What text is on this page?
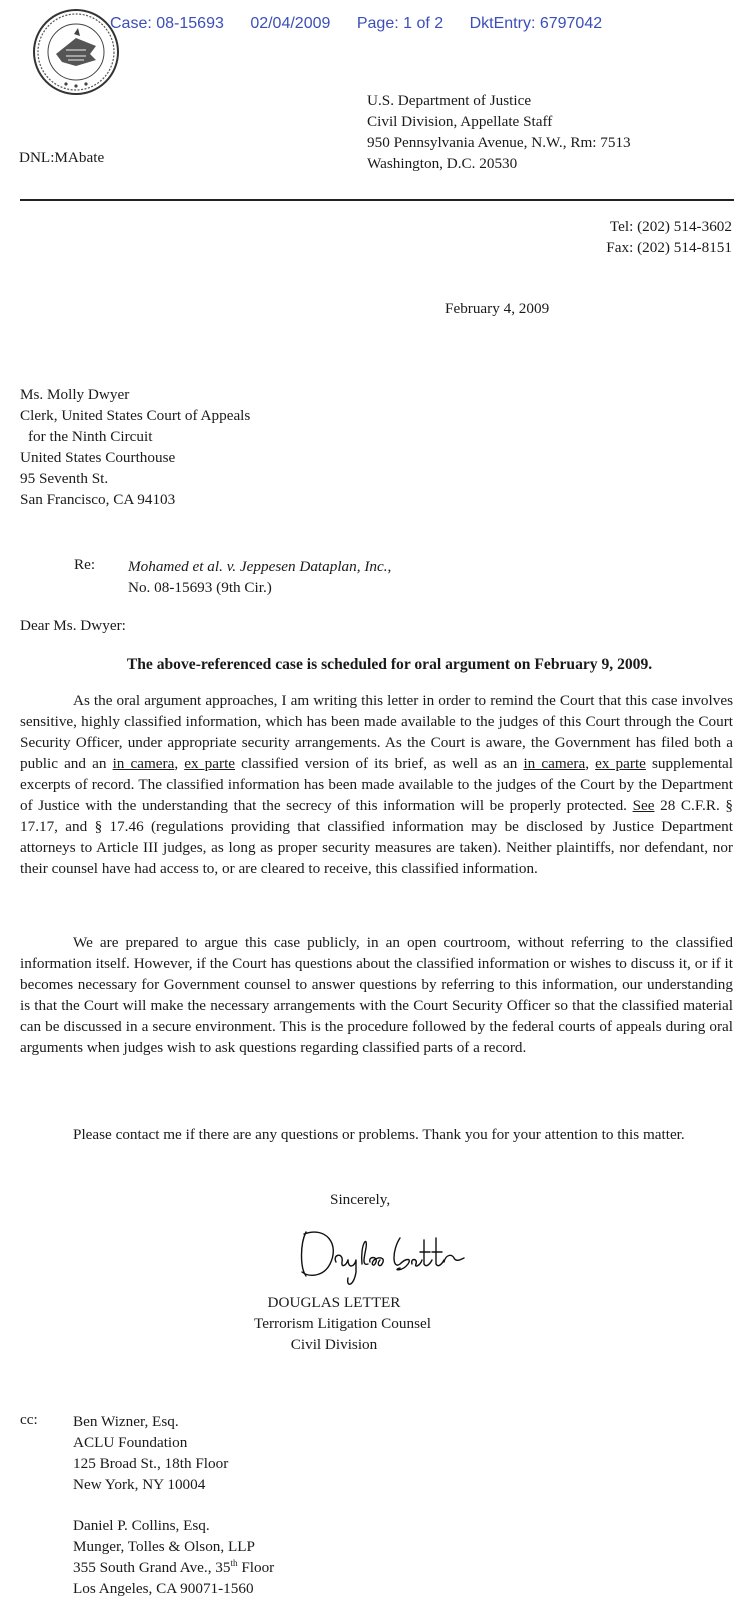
Case: 08-15693 02/04/2009 Page: 1 of 2 DktEntry: 6797042
U.S. Department of Justice
Civil Division, Appellate Staff
950 Pennsylvania Avenue, N.W., Rm: 7513
Washington, D.C. 20530
DNL:MAbate
Tel: (202) 514-3602
Fax: (202) 514-8151
February 4, 2009
Ms. Molly Dwyer
Clerk, United States Court of Appeals
for the Ninth Circuit
United States Courthouse
95 Seventh St.
San Francisco, CA 94103
Re: Mohamed et al. v. Jeppesen Dataplan, Inc.,
No. 08-15693 (9th Cir.)
Dear Ms. Dwyer:
The above-referenced case is scheduled for oral argument on February 9, 2009.
As the oral argument approaches, I am writing this letter in order to remind the Court that this case involves sensitive, highly classified information, which has been made available to the judges of this Court through the Court Security Officer, under appropriate security arrangements. As the Court is aware, the Government has filed both a public and an in camera, ex parte classified version of its brief, as well as an in camera, ex parte supplemental excerpts of record. The classified information has been made available to the judges of the Court by the Department of Justice with the understanding that the secrecy of this information will be properly protected. See 28 C.F.R. § 17.17, and § 17.46 (regulations providing that classified information may be disclosed by Justice Department attorneys to Article III judges, as long as proper security measures are taken). Neither plaintiffs, nor defendant, nor their counsel have had access to, or are cleared to receive, this classified information.
We are prepared to argue this case publicly, in an open courtroom, without referring to the classified information itself. However, if the Court has questions about the classified information or wishes to discuss it, or if it becomes necessary for Government counsel to answer questions by referring to this information, our understanding is that the Court will make the necessary arrangements with the Court Security Officer so that the classified material can be discussed in a secure environment. This is the procedure followed by the federal courts of appeals during oral arguments when judges wish to ask questions regarding classified parts of a record.
Please contact me if there are any questions or problems. Thank you for your attention to this matter.
Sincerely,
DOUGLAS LETTER
Terrorism Litigation Counsel
Civil Division
cc: Ben Wizner, Esq.
ACLU Foundation
125 Broad St., 18th Floor
New York, NY 10004
Daniel P. Collins, Esq.
Munger, Tolles & Olson, LLP
355 South Grand Ave., 35th Floor
Los Angeles, CA 90071-1560
